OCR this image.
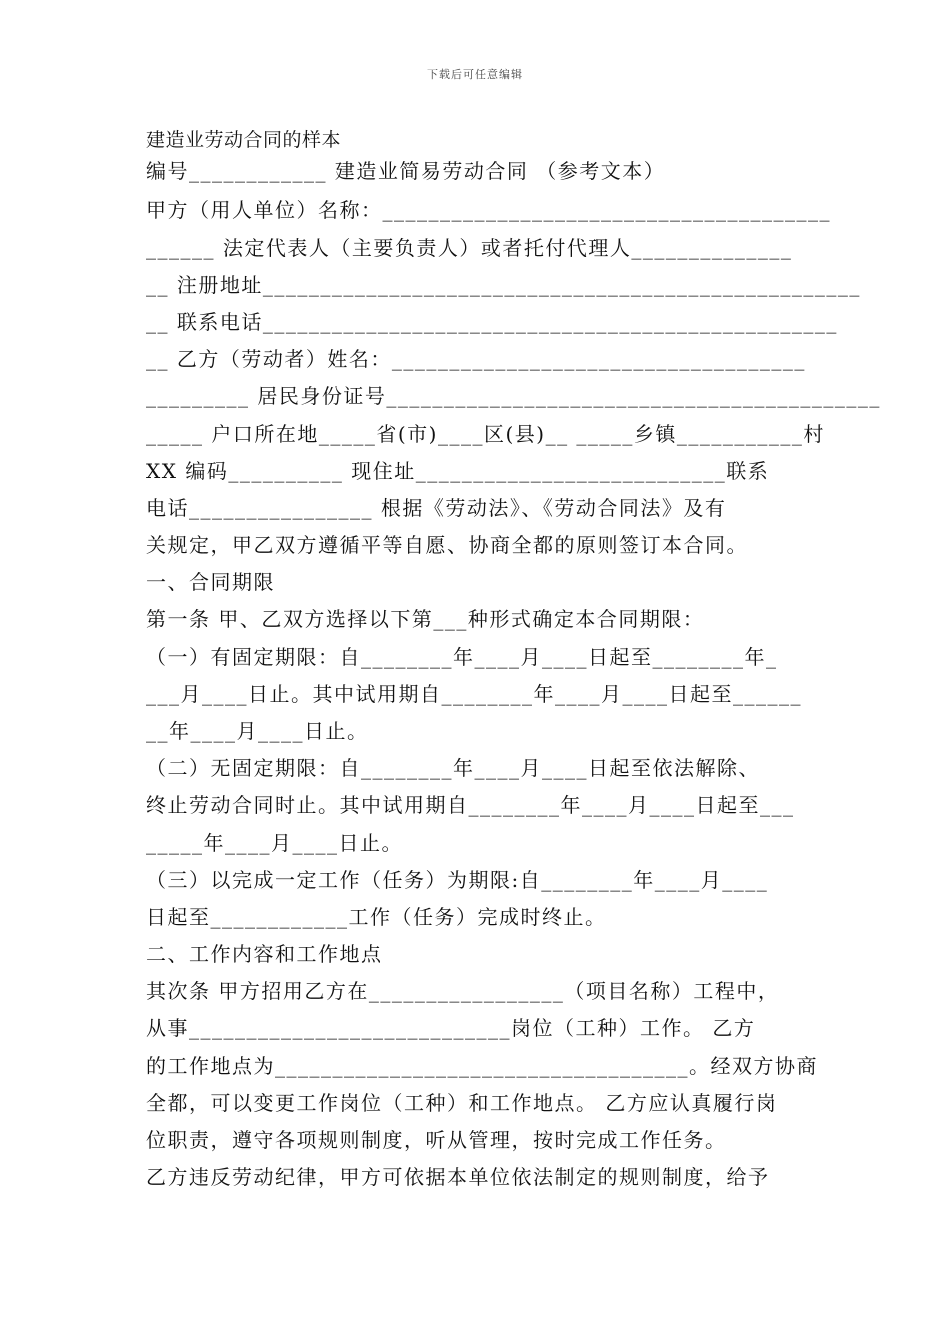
下载后可任意编辑
建造业劳动合同的样本
编号____________ 建造业简易劳动合同 （参考文本）
甲方（用人单位）名称：_______________________________________
______ 法定代表人（主要负责人）或者托付代理人______________
__ 注册地址____________________________________________________
__ 联系电话__________________________________________________
__ 乙方（劳动者）姓名：____________________________________
_________ 居民身份证号___________________________________________
_____ 户口所在地_____省(市)____区(县)__ _____乡镇___________村
XX 编码__________ 现住址___________________________联系
电话________________ 根据《劳动法》、《劳动合同法》及有
关规定，甲乙双方遵循平等自愿、协商全都的原则签订本合同。
一、合同期限
第一条 甲、乙双方选择以下第___种形式确定本合同期限：
（一）有固定期限：自________年____月____日起至________年_
___月____日止。其中试用期自________年____月____日起至______
__年____月____日止。
（二）无固定期限：自________年____月____日起至依法解除、
终止劳动合同时止。其中试用期自________年____月____日起至___
_____年____月____日止。
（三）以完成一定工作（任务）为期限:自________年____月____
日起至____________工作（任务）完成时终止。
二、工作内容和工作地点
其次条 甲方招用乙方在_________________（项目名称）工程中，
从事____________________________岗位（工种）工作。 乙方
的工作地点为____________________________________。经双方协商
全都，可以变更工作岗位（工种）和工作地点。 乙方应认真履行岗
位职责，遵守各项规则制度，听从管理，按时完成工作任务。
乙方违反劳动纪律，甲方可依据本单位依法制定的规则制度，给予
